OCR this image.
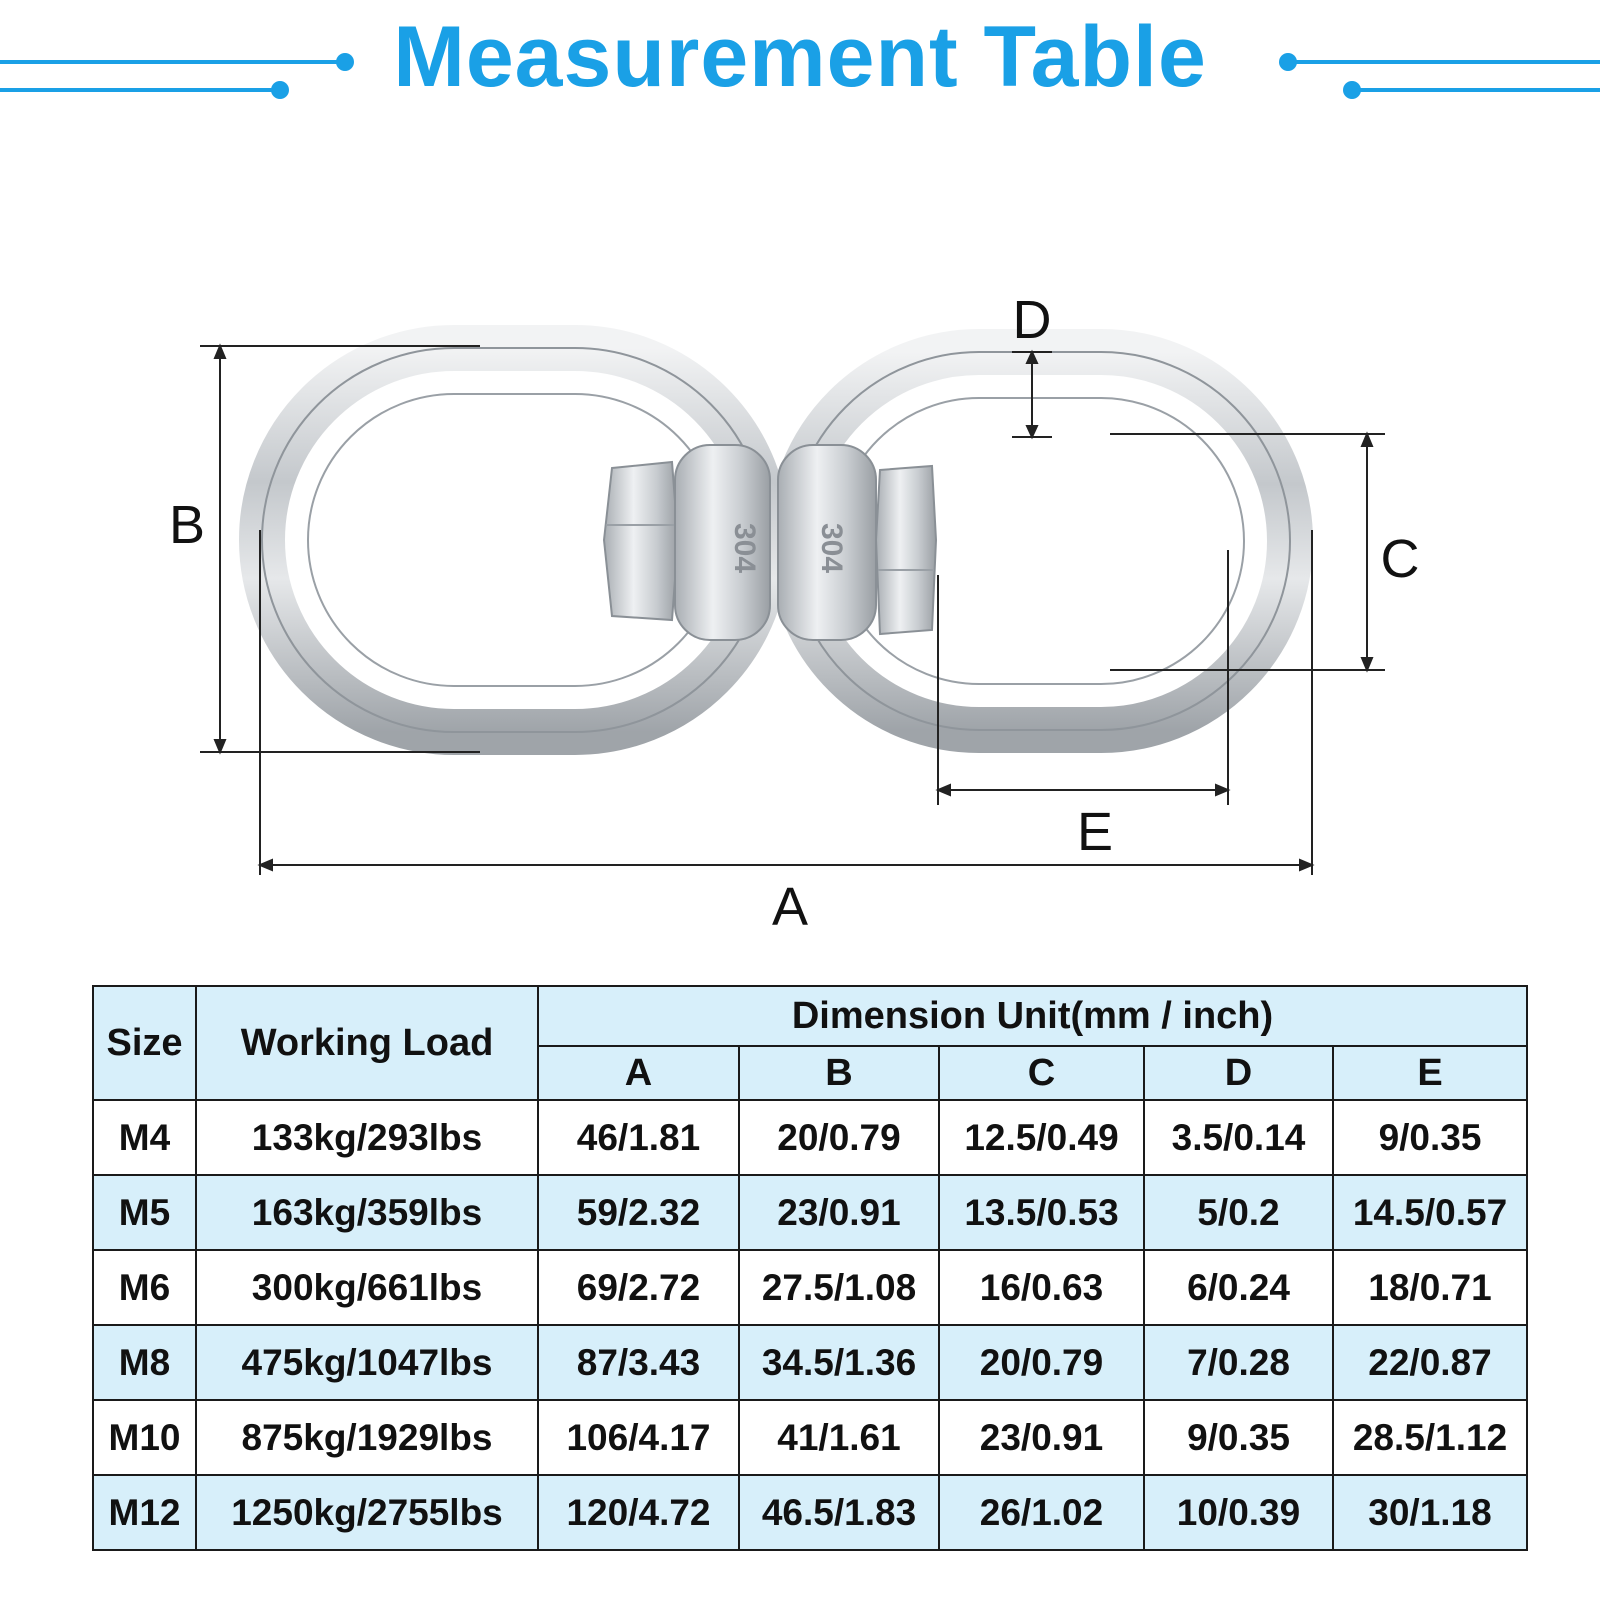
Measurement Table
304 304
B
D
C
E
A
Size	Working Load	Dimension Unit(mm / inch)				
		A	B	C	D	E
M4	133kg/293lbs	46/1.81	20/0.79	12.5/0.49	3.5/0.14	9/0.35
M5	163kg/359lbs	59/2.32	23/0.91	13.5/0.53	5/0.2	14.5/0.57
M6	300kg/661lbs	69/2.72	27.5/1.08	16/0.63	6/0.24	18/0.71
M8	475kg/1047lbs	87/3.43	34.5/1.36	20/0.79	7/0.28	22/0.87
M10	875kg/1929lbs	106/4.17	41/1.61	23/0.91	9/0.35	28.5/1.12
M12	1250kg/2755lbs	120/4.72	46.5/1.83	26/1.02	10/0.39	30/1.18
